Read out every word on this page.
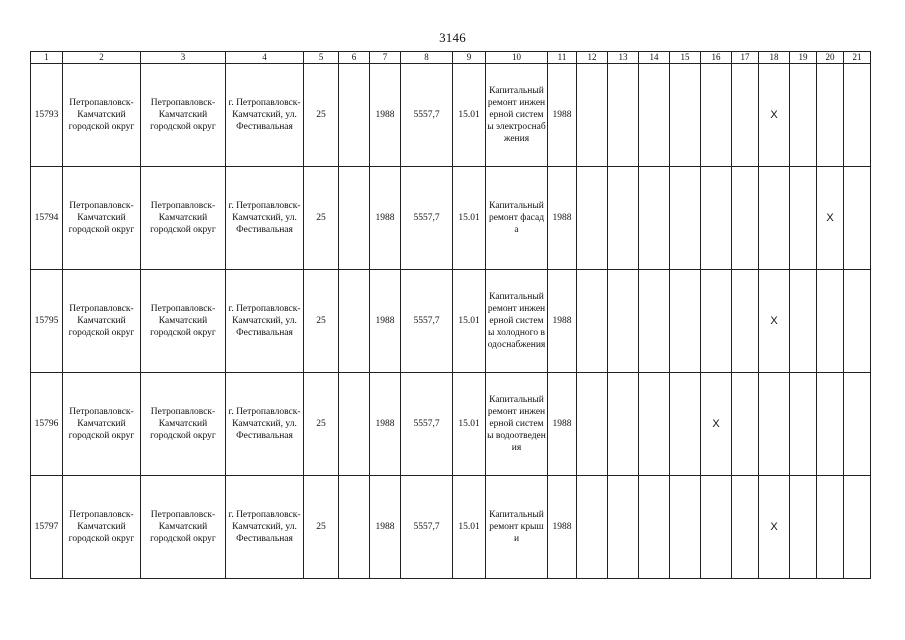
3146
1	2	3	4	5	6	7	8	9	10	11	12	13	14	15	16	17	18	19	20	21

15793	Петропавловск-Камчатский городской округ	Петропавловск-Камчатский городской округ	г. Петропавловск-Камчатский, ул. Фестивальная	25		1988	5557,7	15.01	Капитальный ремонт инженерной системы электроснабжения	1988							X			

15794	Петропавловск-Камчатский городской округ	Петропавловск-Камчатский городской округ	г. Петропавловск-Камчатский, ул. Фестивальная	25		1988	5557,7	15.01	Капитальный ремонт фасада	1988									X	

15795	Петропавловск-Камчатский городской округ	Петропавловск-Камчатский городской округ	г. Петропавловск-Камчатский, ул. Фестивальная	25		1988	5557,7	15.01	Капитальный ремонт инженерной системы холодного водоснабжения	1988							X			

15796	Петропавловск-Камчатский городской округ	Петропавловск-Камчатский городской округ	г. Петропавловск-Камчатский, ул. Фестивальная	25		1988	5557,7	15.01	Капитальный ремонт инженерной системы водоотведения	1988					X					

15797	Петропавловск-Камчатский городской округ	Петропавловск-Камчатский городской округ	г. Петропавловск-Камчатский, ул. Фестивальная	25		1988	5557,7	15.01	Капитальный ремонт крыши	1988							X			
